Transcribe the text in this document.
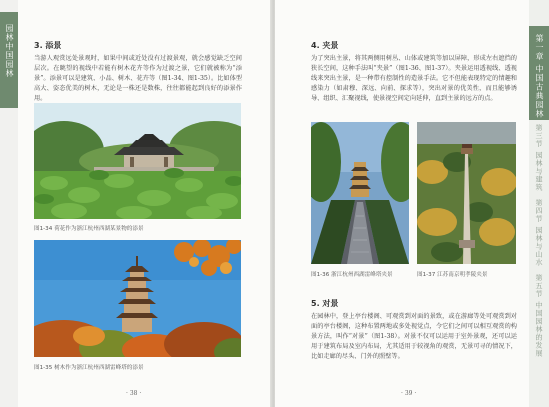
园林中国园林	3. 添景

当游人观赏远处景观时，如果中间或近处没有过渡景观，就会感觉缺乏空间层次。在眺望的视线中若能有树木花卉等作为过渡之景，它们就被称为“添景”。添景可以是建筑、小品、树木、花卉等（图1-34、图1-35）。比如体型高大、姿态优美的树木，无论是一株还是数株，往往都能起到良好的添景作用。

图1-34 荷花作为浙江杭州西湖某景物的添景
图1-35 树木作为浙江杭州西湖雷峰塔的添景
· 38 ·
4. 夹景

为了突出主景，将其两侧用树丛、山体或建筑等加以屏障，形成左右遮挡的狭长空间，这种手法叫“夹景”（图1-36、图1-37）。夹景运用透视线、透视线来突出主景，是一种带有控制性的造景手法。它不但能表现特定的情趣和感染力（如肃穆、深远、向前、探求等），突出对景的优美性，而且能够诱导、组织、汇聚视线，使景视空间定向延伸，直到主景的远方的点。

图1-36 浙江杭州西湖雷峰塔夹景	图1-37 江苏南京明孝陵夹景
5. 对景

在园林中，登上亭台楼阁、可观赏到对面的景致，或在游廊等处可观赏到对面的亭台楼阁，这种布置两地或多处视觉点，令它们之间可以相互观赏的构景方法，叫作“对景”（图1-38）。对景不仅可以运用于室外景观，还可以运用于建筑布局及室内布局，尤其适用于较视角的观赏，无景可寻的情况下，比如走廊的尽头、门外的照壁等。

· 39 ·
第一章 中国古典园林
第三节 园林与建筑
第四节 园林与山水
第五节 中国园林的发展
